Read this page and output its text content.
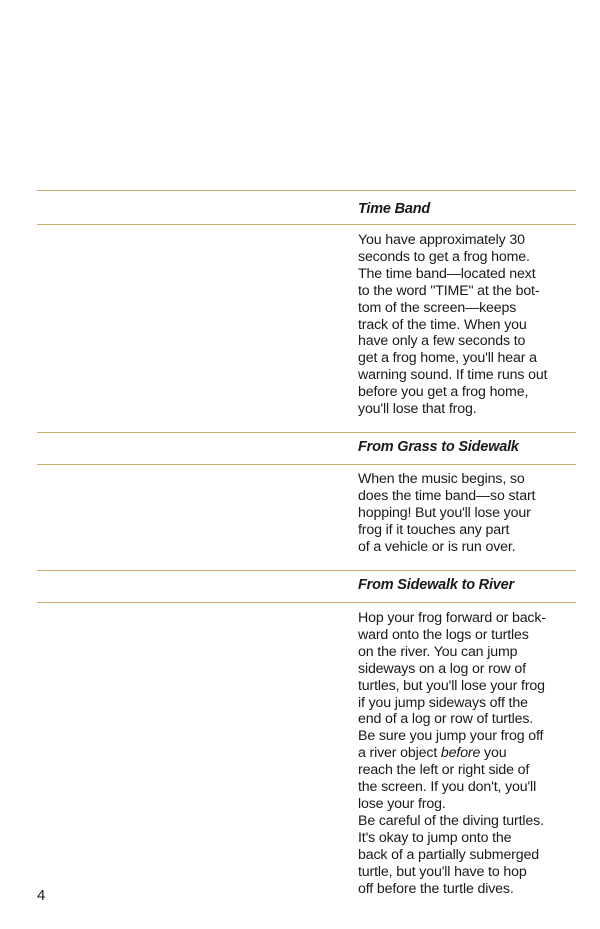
Time Band
You have approximately 30
seconds to get a frog home.
The time band—located next
to the word "TIME" at the bot-
tom of the screen—keeps
track of the time. When you
have only a few seconds to
get a frog home, you'll hear a
warning sound. If time runs out
before you get a frog home,
you'll lose that frog.
From Grass to Sidewalk
When the music begins, so
does the time band—so start
hopping! But you'll lose your
frog if it touches any part
of a vehicle or is run over.
From Sidewalk to River
Hop your frog forward or back-
ward onto the logs or turtles
on the river. You can jump
sideways on a log or row of
turtles, but you'll lose your frog
if you jump sideways off the
end of a log or row of turtles.
Be sure you jump your frog off
a river object before you
reach the left or right side of
the screen. If you don't, you'll
lose your frog.
Be careful of the diving turtles.
It's okay to jump onto the
back of a partially submerged
turtle, but you'll have to hop
off before the turtle dives.
4
